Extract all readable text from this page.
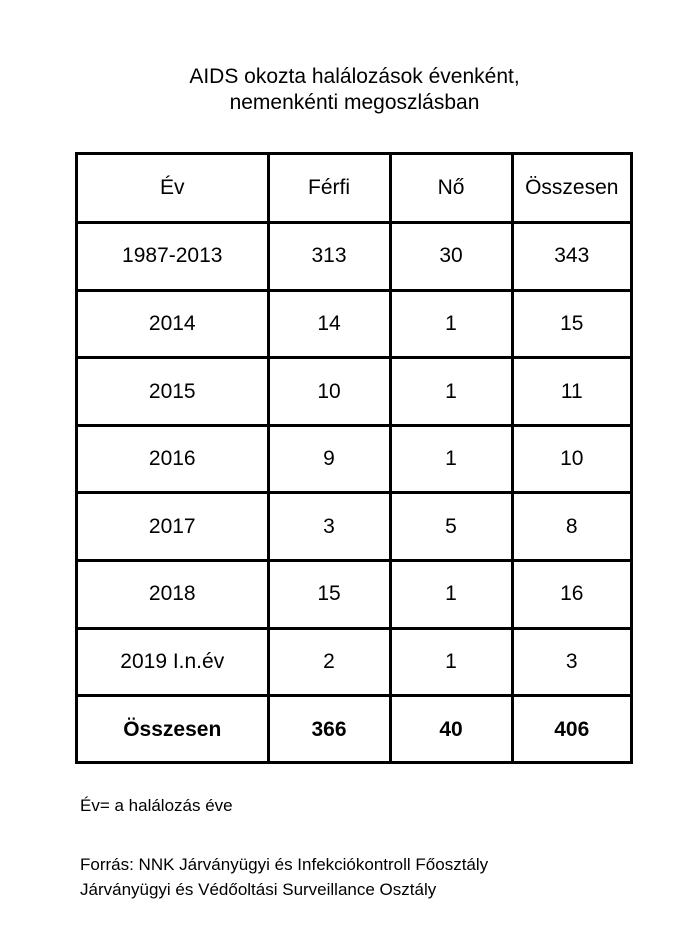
AIDS okozta halálozások évenként,
nemenkénti megoszlásban
Év	Férfi	Nő	Összesen
1987-2013	313	30	343
2014	14	1	15
2015	10	1	11
2016	9	1	10
2017	3	5	8
2018	15	1	16
2019 I.n.év	2	1	3
Összesen	366	40	406
Év= a halálozás éve
Forrás: NNK Járványügyi és Infekciókontroll Főosztály
Járványügyi és Védőoltási Surveillance Osztály
